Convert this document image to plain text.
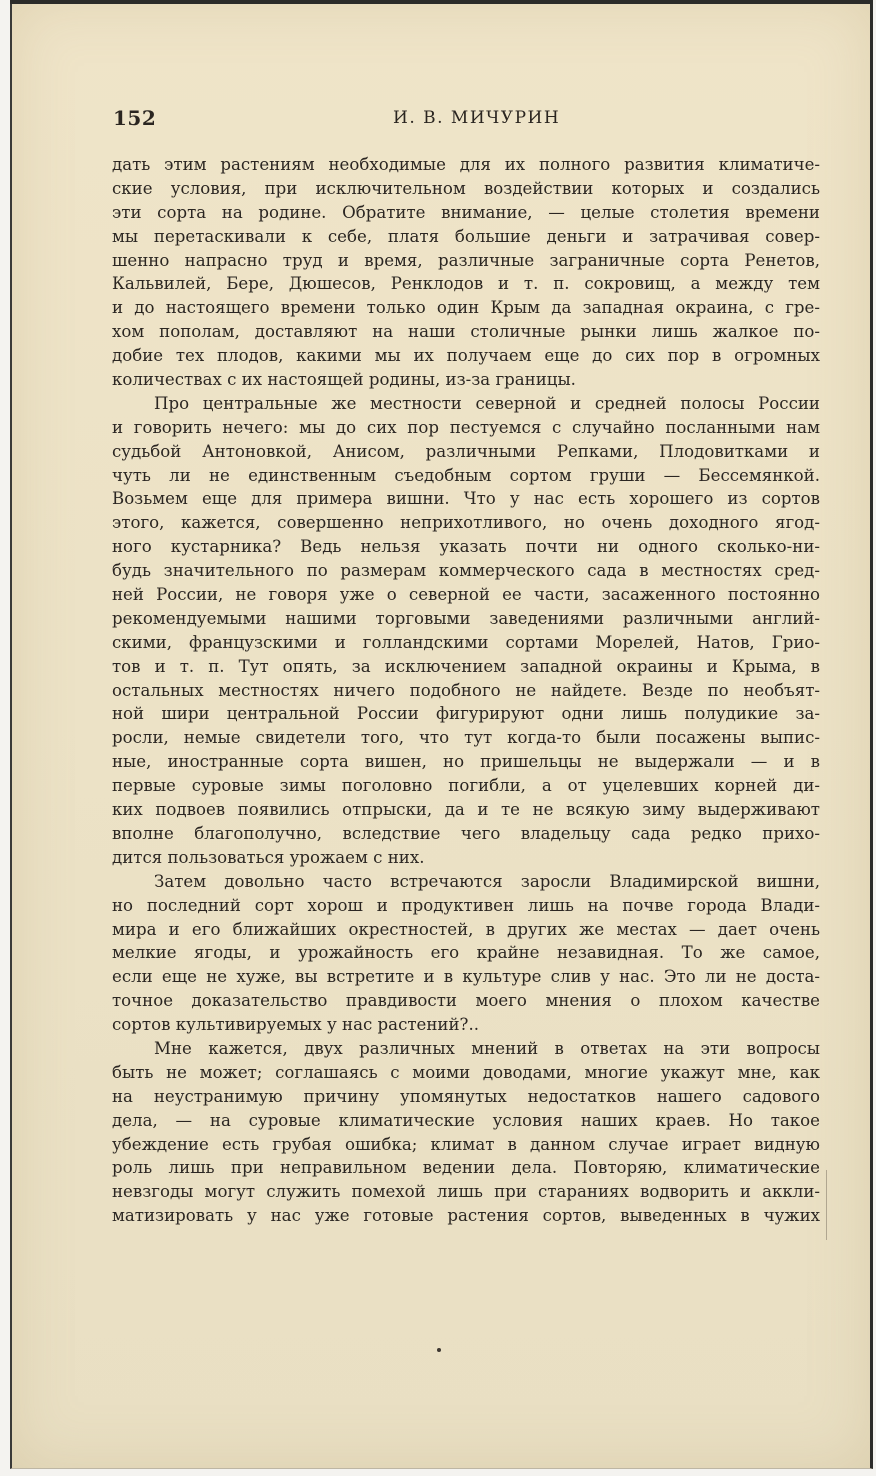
152	И. В. МИЧУРИН
дать этим растениям необходимые для их полного развития климатиче-
ские условия, при исключительном воздействии которых и создались
эти сорта на родине. Обратите внимание, — целые столетия времени
мы перетаскивали к себе, платя большие деньги и затрачивая совер-
шенно напрасно труд и время, различные заграничные сорта Ренетов,
Кальвилей, Бере, Дюшесов, Ренклодов и т. п. сокровищ, а между тем
и до настоящего времени только один Крым да западная окраина, с гре-
хом пополам, доставляют на наши столичные рынки лишь жалкое по-
добие тех плодов, какими мы их получаем еще до сих пор в огромных
количествах с их настоящей родины, из-за границы.
Про центральные же местности северной и средней полосы России
и говорить нечего: мы до сих пор пестуемся с случайно посланными нам
судьбой Антоновкой, Анисом, различными Репками, Плодовитками и
чуть ли не единственным съедобным сортом груши — Бессемянкой.
Возьмем еще для примера вишни. Что у нас есть хорошего из сортов
этого, кажется, совершенно неприхотливого, но очень доходного ягод-
ного кустарника? Ведь нельзя указать почти ни одного сколько-ни-
будь значительного по размерам коммерческого сада в местностях сред-
ней России, не говоря уже о северной ее части, засаженного постоянно
рекомендуемыми нашими торговыми заведениями различными англий-
скими, французскими и голландскими сортами Морелей, Натов, Грио-
тов и т. п. Тут опять, за исключением западной окраины и Крыма, в
остальных местностях ничего подобного не найдете. Везде по необъят-
ной шири центральной России фигурируют одни лишь полудикие за-
росли, немые свидетели того, что тут когда-то были посажены выпис-
ные, иностранные сорта вишен, но пришельцы не выдержали — и в
первые суровые зимы поголовно погибли, а от уцелевших корней ди-
ких подвоев появились отпрыски, да и те не всякую зиму выдерживают
вполне благополучно, вследствие чего владельцу сада редко прихо-
дится пользоваться урожаем с них.
Затем довольно часто встречаются заросли Владимирской вишни,
но последний сорт хорош и продуктивен лишь на почве города Влади-
мира и его ближайших окрестностей, в других же местах — дает очень
мелкие ягоды, и урожайность его крайне незавидная. То же самое,
если еще не хуже, вы встретите и в культуре слив у нас. Это ли не доста-
точное доказательство правдивости моего мнения о плохом качестве
сортов культивируемых у нас растений?..
Мне кажется, двух различных мнений в ответах на эти вопросы
быть не может; соглашаясь с моими доводами, многие укажут мне, как
на неустранимую причину упомянутых недостатков нашего садового
дела, — на суровые климатические условия наших краев. Но такое
убеждение есть грубая ошибка; климат в данном случае играет видную
роль лишь при неправильном ведении дела. Повторяю, климатические
невзгоды могут служить помехой лишь при стараниях водворить и аккли-
матизировать у нас уже готовые растения сортов, выведенных в чужих
